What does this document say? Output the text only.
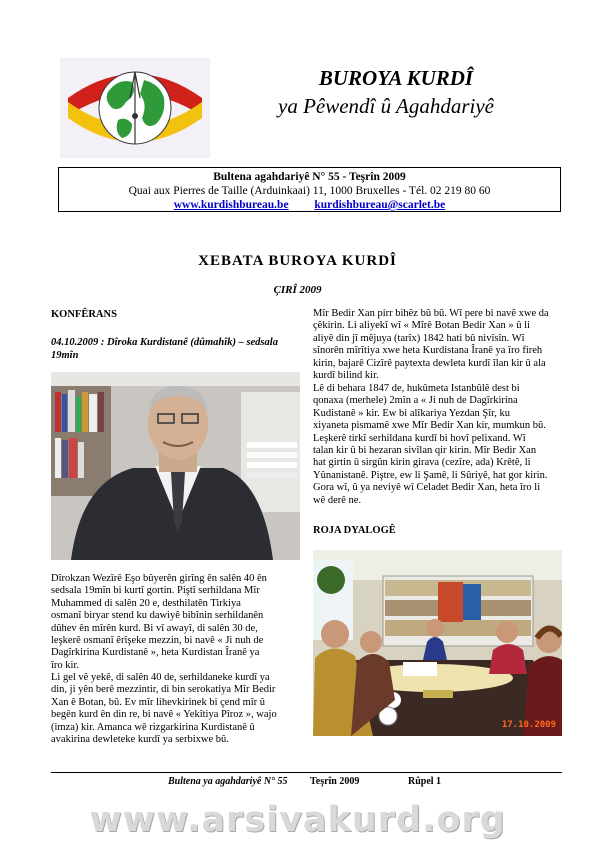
BUROYA KURDÎ
ya Pêwendî û Agahdariyê
Bultena agahdariyê N° 55 - Teşrîn 2009
Quai aux Pierres de Taille (Arduinkaai) 11, 1000 Bruxelles - Tél. 02 219 80 60
www.kurdishbureau.be kurdishbureau@scarlet.be
XEBATA BUROYA KURDÎ
ÇIRÎ 2009
KONFÊRANS
04.10.2009 : Dîroka Kurdistanê (dûmahîk) – sedsala
19mîn

Dîrokzan Wezîrê Eşo bûyerên girîng ên salên 40 ên

sedsala 19mîn bi kurtî gortin. Piştî serhildana Mîr

Muhammed di salên 20 e, desthilatên Tirkiya

osmanî biryar stend ku dawiyê bibînin serhildanên

dûhev ên mîrên kurd. Bi vî awayî, di salên 30 de,

leşkerê osmanî êrîşeke mezzin, bi navê « Ji nuh de

Dagîrkirina Kurdistanê », heta Kurdistan Îranê ya

îro kir.

Li gel vê yekê, di salên 40 de, serhildaneke kurdî ya

din, ji yên berê mezzintir, di bin serokatiya Mîr Bedir

Xan ê Botan, bû. Ev mîr lihevkirinek bi çend mîr û

begên kurd ên din re, bi navê « Yekîtiya Pîroz », wajo

(imza) kir. Amanca wê rizgarkirina Kurdistanê û

avakirina dewleteke kurdî ya serbixwe bû.

Mîr Bedir Xan pirr bihêz bû bû. Wî pere bi navê xwe da

çêkirin. Li aliyekî wî « Mîrê Botan Bedir Xan » û li

aliyê din jî mêjuya (tarîx) 1842 hati bû nivîsîn. Wî

sînorên mîrîtiya xwe heta Kurdistana Îranê ya îro fireh

kirin, bajarê Cizîrê paytexta dewleta kurdî îlan kir û ala

kurdî bilind kir.

Lê di behara 1847 de, hukûmeta Istanbûlê dest bi

qonaxa (merhele) 2mîn a « Ji nuh de Dagîrkirina

Kudistanê » kir. Ew bi alîkariya Yezdan Şîr, ku

xiyaneta pismamê xwe Mîr Bedir Xan kir, mumkun bû.

Leşkerê tirkî serhildana kurdî bi hovî pelixand. Wî

talan kir û bi hezaran sivîlan qir kirin. Mîr Bedir Xan

hat girtin û sirgûn kirin girava (cezîre, ada) Krêtê, li

Yûnanistanê. Piştre, ew li Şamê, li Sûriyê, hat gor kirin.

Gora wî, û ya neviyê wî Celadet Bedir Xan, heta îro li

wê derê ne.

ROJA DYALOGÊ
17.10.2009
Bultena ya agahdariyê N° 55 Teşrîn 2009	Rûpel 1
www.arsivakurd.org
